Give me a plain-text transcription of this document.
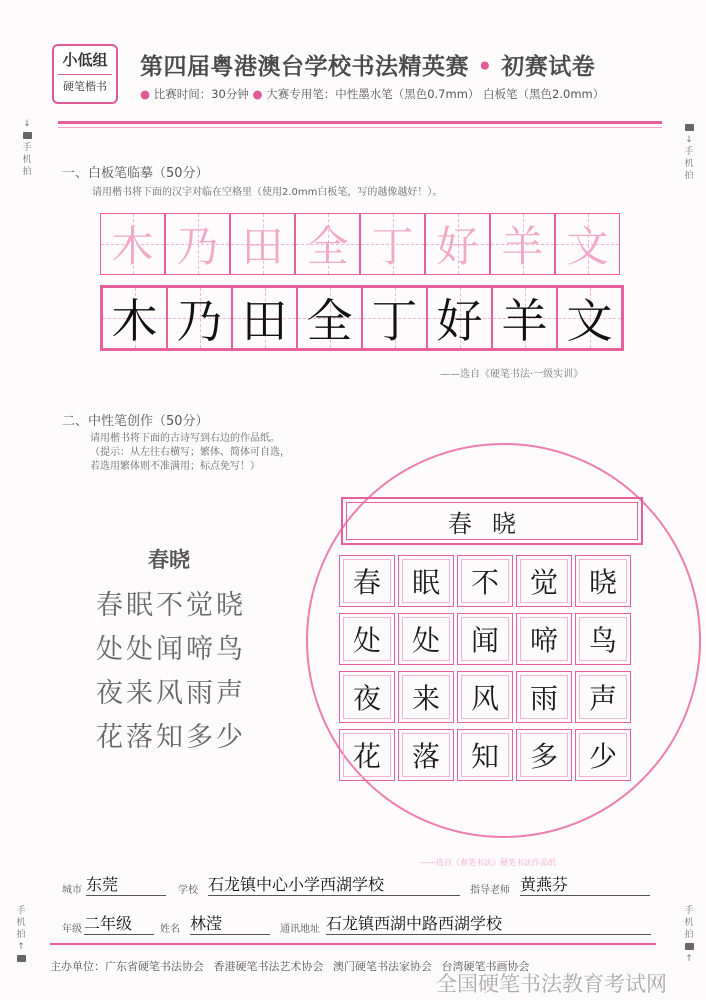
小低组
硬笔楷书
第四届粤港澳台学校书法精英赛 • 初赛试卷
● 比赛时间：30分钟 ● 大赛专用笔：中性墨水笔（黑色0.7mm） 白板笔（黑色2.0mm）
↓
手
机
拍
↓
手
机
拍
手
机
拍
↑
手
机
拍
↑
一、白板笔临摹（50分）
请用楷书将下面的汉字对临在空格里（使用2.0mm白板笔，写的越像越好！）。
木 乃 田 全 丁 好 羊 文
木 乃 田 全 丁 好 羊 文
——选自《硬笔书法·一级实训》
二、中性笔创作（50分）
请用楷书将下面的古诗写到右边的作品纸。
（提示：从左往右横写；繁体、简体可自选，
若选用繁体则不准满用；标点免写！）
春晓
春眠不觉晓
处处闻啼鸟
夜来风雨声
花落知多少
春晓
春 眠 不 觉 晓
处 处 闻 啼 鸟
夜 来 风 雨 声
花 落 知 多 少
——选自《春笔书法》硬笔书法作品纸
城市 东莞	学校 石龙镇中心小学西湖学校	指导老师 黄燕芬
年级 二年级	姓名 林滢	通讯地址 石龙镇西湖中路西湖学校
主办单位：广东省硬笔书法协会 香港硬笔书法艺术协会 澳门硬笔书法家协会 台湾硬笔书画协会
全国硬笔书法教育考试网
